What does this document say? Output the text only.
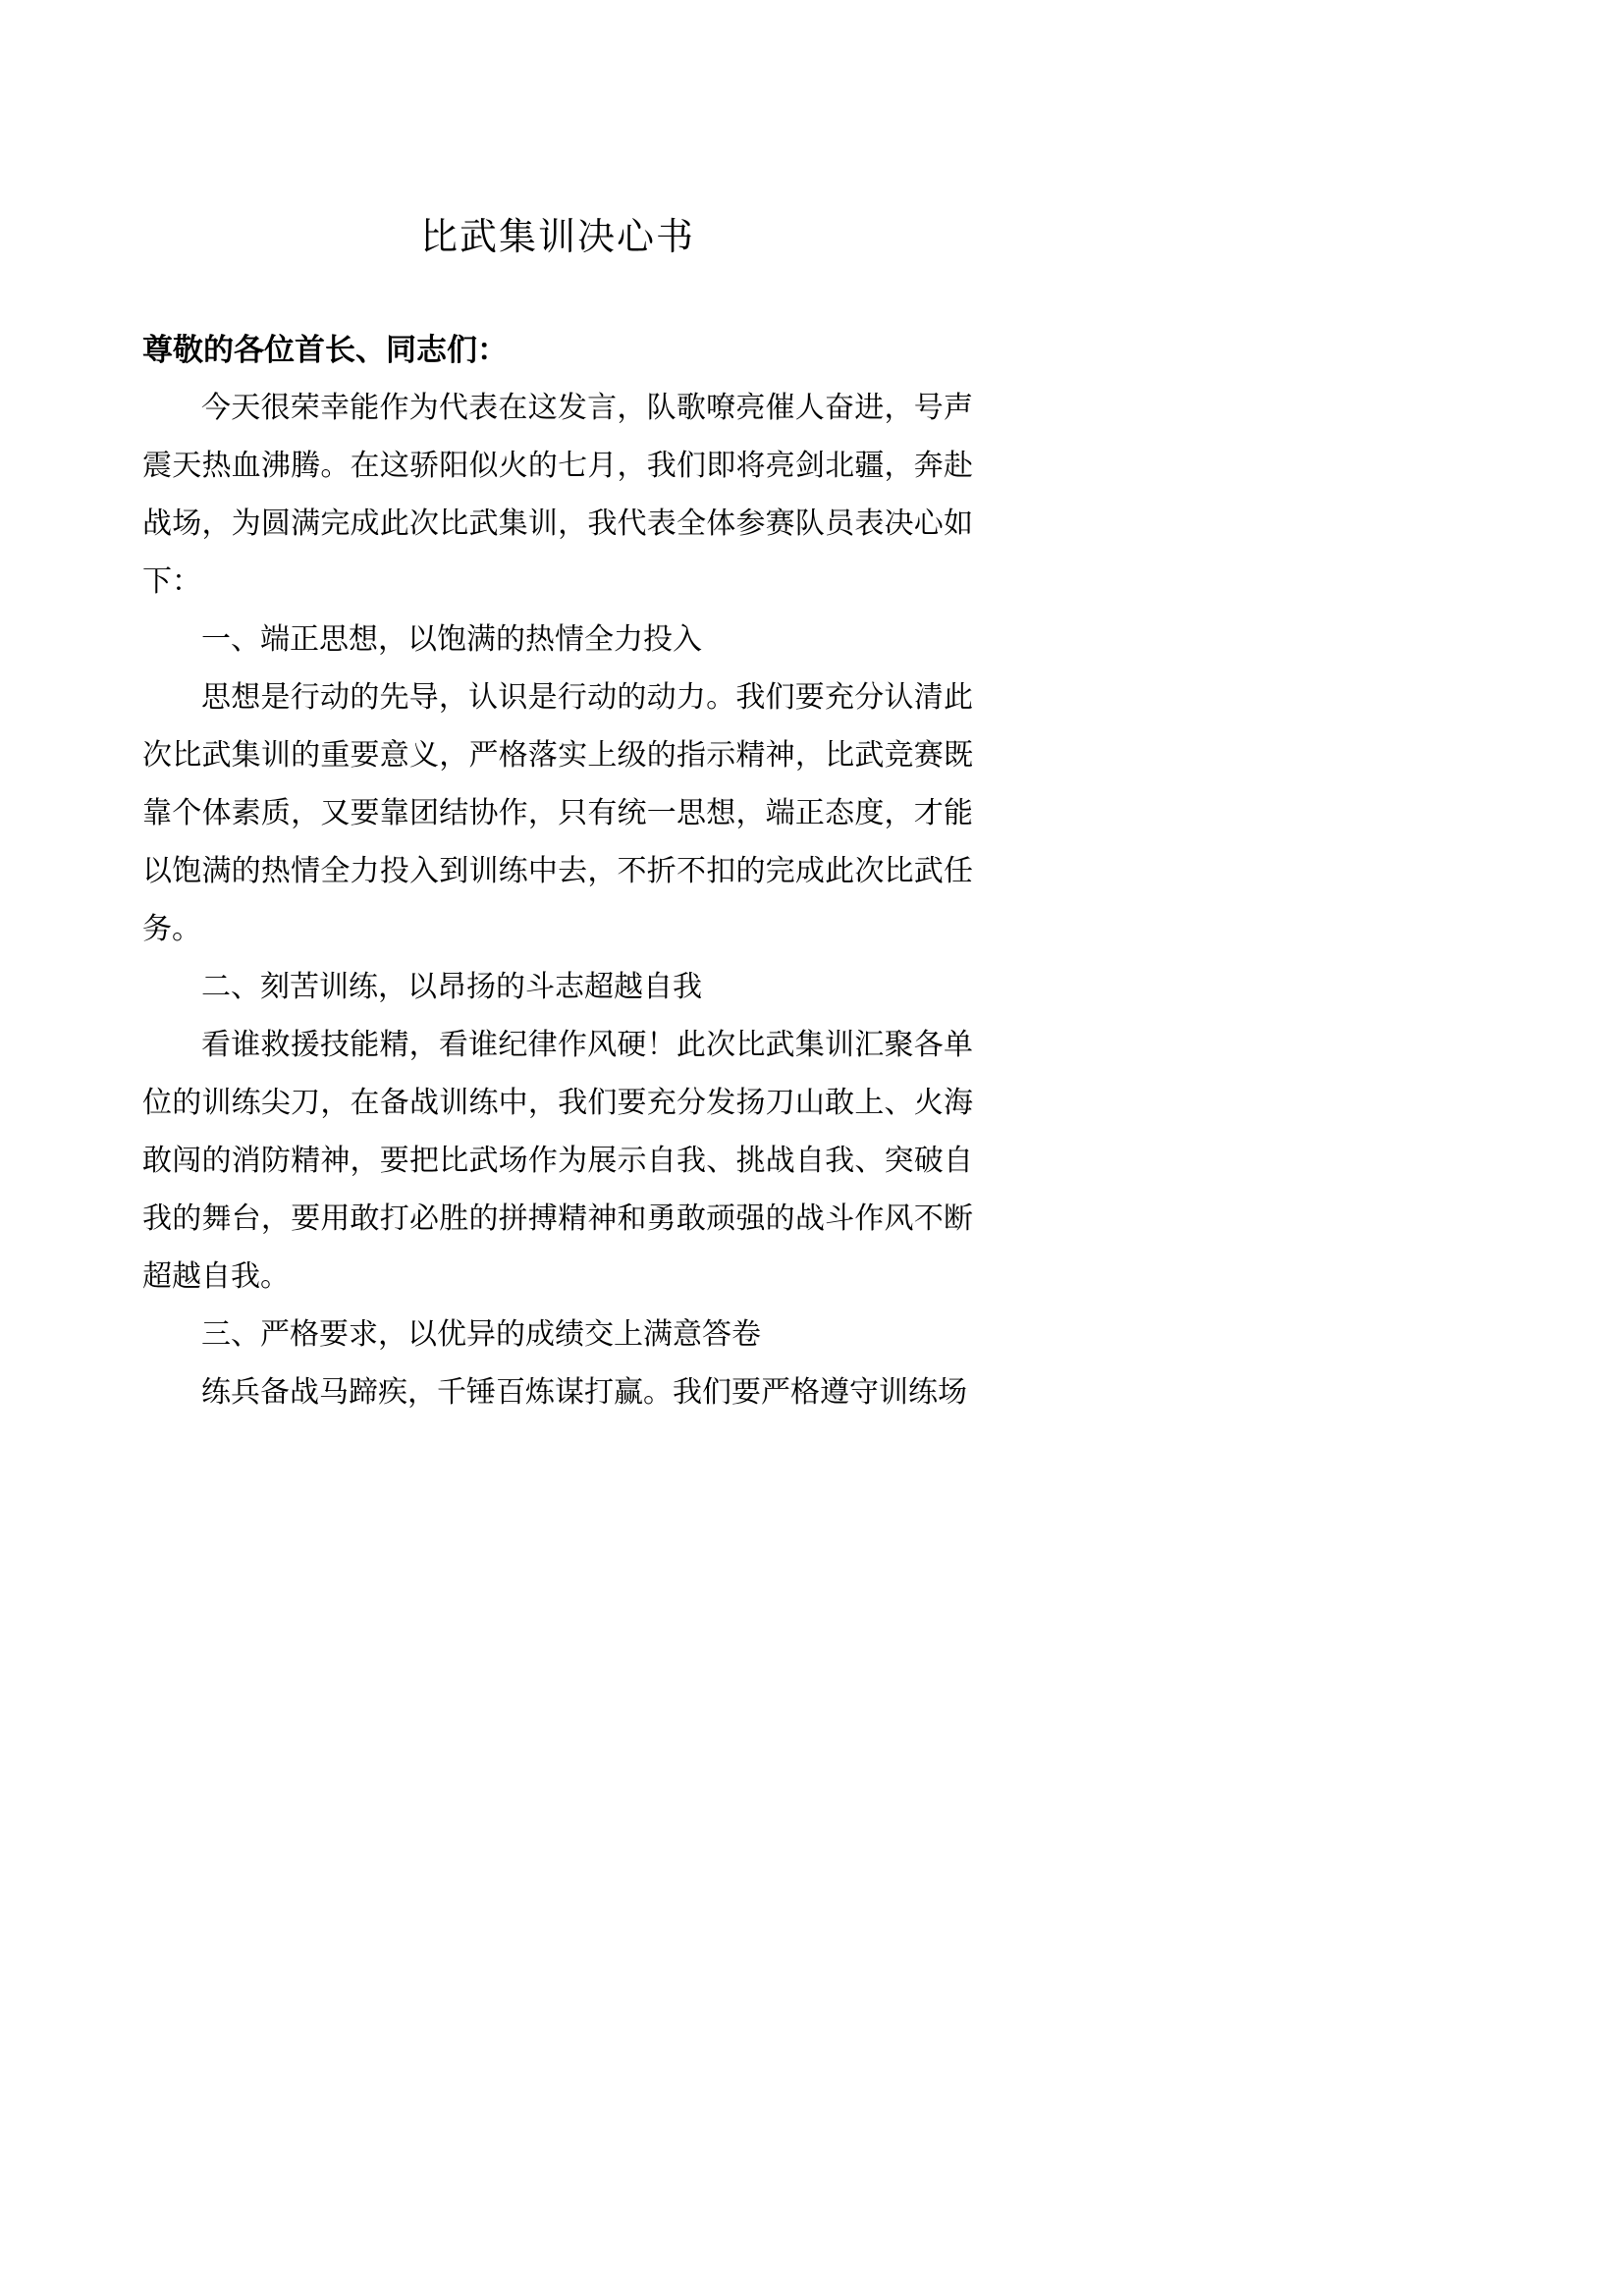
比武集训决心书

尊敬的各位首长、同志们：

今天很荣幸能作为代表在这发言，队歌嘹亮催人奋进，号声震天热血沸腾。在这骄阳似火的七月，我们即将亮剑北疆，奔赴战场，为圆满完成此次比武集训，我代表全体参赛队员表决心如下：

一、端正思想，以饱满的热情全力投入

思想是行动的先导，认识是行动的动力。我们要充分认清此次比武集训的重要意义，严格落实上级的指示精神，比武竞赛既靠个体素质，又要靠团结协作，只有统一思想，端正态度，才能以饱满的热情全力投入到训练中去，不折不扣的完成此次比武任务。

二、刻苦训练，以昂扬的斗志超越自我

看谁救援技能精，看谁纪律作风硬！此次比武集训汇聚各单位的训练尖刀，在备战训练中，我们要充分发扬刀山敢上、火海敢闯的消防精神，要把比武场作为展示自我、挑战自我、突破自我的舞台，要用敢打必胜的拼搏精神和勇敢顽强的战斗作风不断超越自我。

三、严格要求，以优异的成绩交上满意答卷

练兵备战马蹄疾，千锤百炼谋打赢。我们要严格遵守训练场
